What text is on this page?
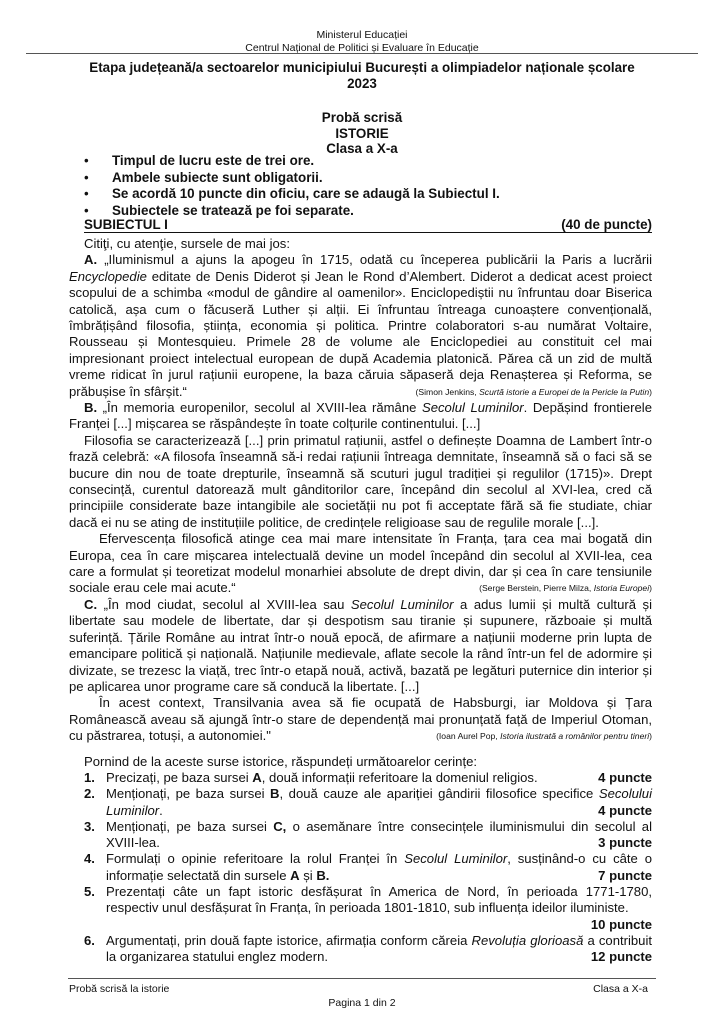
Ministerul Educației
Centrul Național de Politici și Evaluare în Educație
Etapa județeană/a sectoarelor municipiului București a olimpiadelor naționale școlare
2023
Probă scrisă
ISTORIE
Clasa a X-a
• Timpul de lucru este de trei ore.
• Ambele subiecte sunt obligatorii.
• Se acordă 10 puncte din oficiu, care se adaugă la Subiectul I.
• Subiectele se tratează pe foi separate.
SUBIECTUL I	(40 de puncte)

Citiţi, cu atenţie, sursele de mai jos:

A. „Iluminismul a ajuns la apogeu în 1715, odată cu începerea publicării la Paris a lucrării Encyclopedie editate de Denis Diderot și Jean le Rond d’Alembert. Diderot a dedicat acest proiect scopului de a schimba «modul de gândire al oamenilor». Enciclopediștii nu înfruntau doar Biserica catolică, așa cum o făcuseră Luther și alții. Ei înfruntau întreaga cunoaștere convențională, îmbrățișând filosofia, știința, economia și politica. Printre colaboratori s-au numărat Voltaire, Rousseau și Montesquieu. Primele 28 de volume ale Enciclopediei au constituit cel mai impresionant proiect intelectual european de după Academia platonică. Părea că un zid de multă vreme ridicat în jurul rațiunii europene, la baza căruia săpaseră deja Renașterea și Reforma, se prăbușise în sfârșit.“	(Simon Jenkins, Scurtă istorie a Europei de la Pericle la Putin)

B. „În memoria europenilor, secolul al XVIII-lea rămâne Secolul Luminilor. Depășind frontierele Franței [...] mișcarea se răspândește în toate colțurile continentului. [...]

Filosofia se caracterizează [...] prin primatul rațiunii, astfel o definește Doamna de Lambert într-o frază celebră: «A filosofa înseamnă să-i redai rațiunii întreaga demnitate, înseamnă să o faci să se bucure din nou de toate drepturile, înseamnă să scuturi jugul tradiției și regulilor (1715)». Drept consecință, curentul datorează mult gânditorilor care, începând din secolul al XVI-lea, cred că principiile considerate baze intangibile ale societății nu pot fi acceptate fără să fie studiate, chiar dacă ei nu se ating de instituțiile politice, de credințele religioase sau de regulile morale [...].

Efervescența filosofică atinge cea mai mare intensitate în Franța, țara cea mai bogată din Europa, cea în care mișcarea intelectuală devine un model începând din secolul al XVII-lea, cea care a formulat și teoretizat modelul monarhiei absolute de drept divin, dar și cea în care tensiunile sociale erau cele mai acute.“	(Serge Berstein, Pierre Milza, Istoria Europei)

C. „În mod ciudat, secolul al XVIII-lea sau Secolul Luminilor a adus lumii și multă cultură și libertate sau modele de libertate, dar și despotism sau tiranie și supunere, războaie și multă suferință. Țările Române au intrat într-o nouă epocă, de afirmare a națiunii moderne prin lupta de emancipare politică și națională. Națiunile medievale, aflate secole la rând într-un fel de adormire și divizate, se trezesc la viață, trec într-o etapă nouă, activă, bazată pe legături puternice din interior și pe aplicarea unor programe care să conducă la libertate. [...]

În acest context, Transilvania avea să fie ocupată de Habsburgi, iar Moldova și Țara Românească aveau să ajungă într-o stare de dependență mai pronunțată față de Imperiul Otoman, cu păstrarea, totuși, a autonomiei."	(Ioan Aurel Pop, Istoria ilustrată a românilor pentru tineri)

Pornind de la aceste surse istorice, răspundeți următoarelor cerințe:

1. Precizați, pe baza sursei A, două informații referitoare la domeniul religios.	4 puncte
2. Menționați, pe baza sursei B, două cauze ale apariției gândirii filosofice specifice Secolului Luminilor.	4 puncte
3. Menționați, pe baza sursei C, o asemănare între consecințele iluminismului din secolul al XVIII-lea.	3 puncte
4. Formulați o opinie referitoare la rolul Franței în Secolul Luminilor, susținând-o cu câte o informație selectată din sursele A și B.	7 puncte
5. Prezentați câte un fapt istoric desfășurat în America de Nord, în perioada 1771-1780, respectiv unul desfășurat în Franța, în perioada 1801-1810, sub influența ideilor iluministe.
10 puncte
6. Argumentați, prin două fapte istorice, afirmația conform căreia Revoluția glorioasă a contribuit la organizarea statului englez modern.	12 puncte
Probă scrisă la istorie	Clasa a X-a
Pagina 1 din 2
